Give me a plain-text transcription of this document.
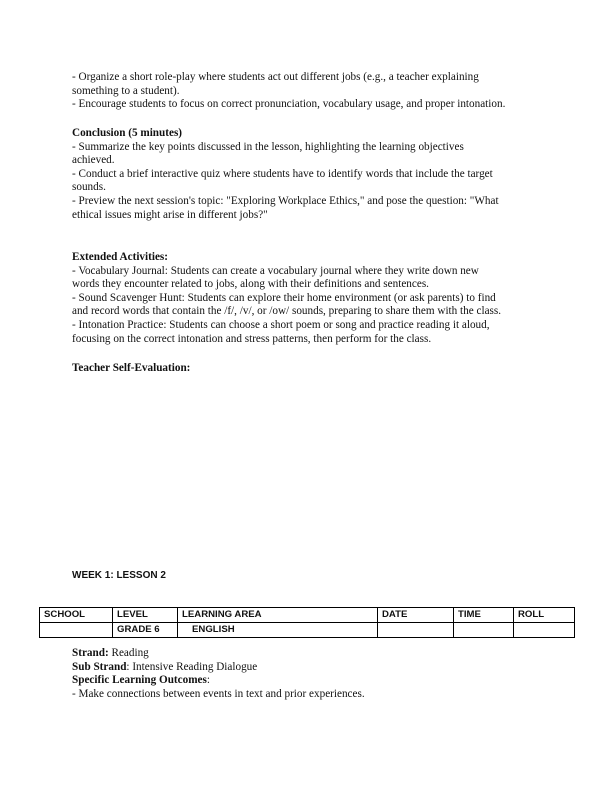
- Organize a short role-play where students act out different jobs (e.g., a teacher explaining
something to a student).
- Encourage students to focus on correct pronunciation, vocabulary usage, and proper intonation.
Conclusion (5 minutes)
- Summarize the key points discussed in the lesson, highlighting the learning objectives
achieved.
- Conduct a brief interactive quiz where students have to identify words that include the target
sounds.
- Preview the next session's topic: "Exploring Workplace Ethics," and pose the question: "What
ethical issues might arise in different jobs?"
Extended Activities:
- Vocabulary Journal: Students can create a vocabulary journal where they write down new
words they encounter related to jobs, along with their definitions and sentences.
- Sound Scavenger Hunt: Students can explore their home environment (or ask parents) to find
and record words that contain the /f/, /v/, or /ow/ sounds, preparing to share them with the class.
- Intonation Practice: Students can choose a short poem or song and practice reading it aloud,
focusing on the correct intonation and stress patterns, then perform for the class.
Teacher Self-Evaluation:
WEEK 1: LESSON 2
SCHOOL	LEVEL	LEARNING AREA	DATE	TIME	ROLL
	GRADE 6	ENGLISH			
Strand: Reading
Sub Strand: Intensive Reading Dialogue
Specific Learning Outcomes:
- Make connections between events in text and prior experiences.
